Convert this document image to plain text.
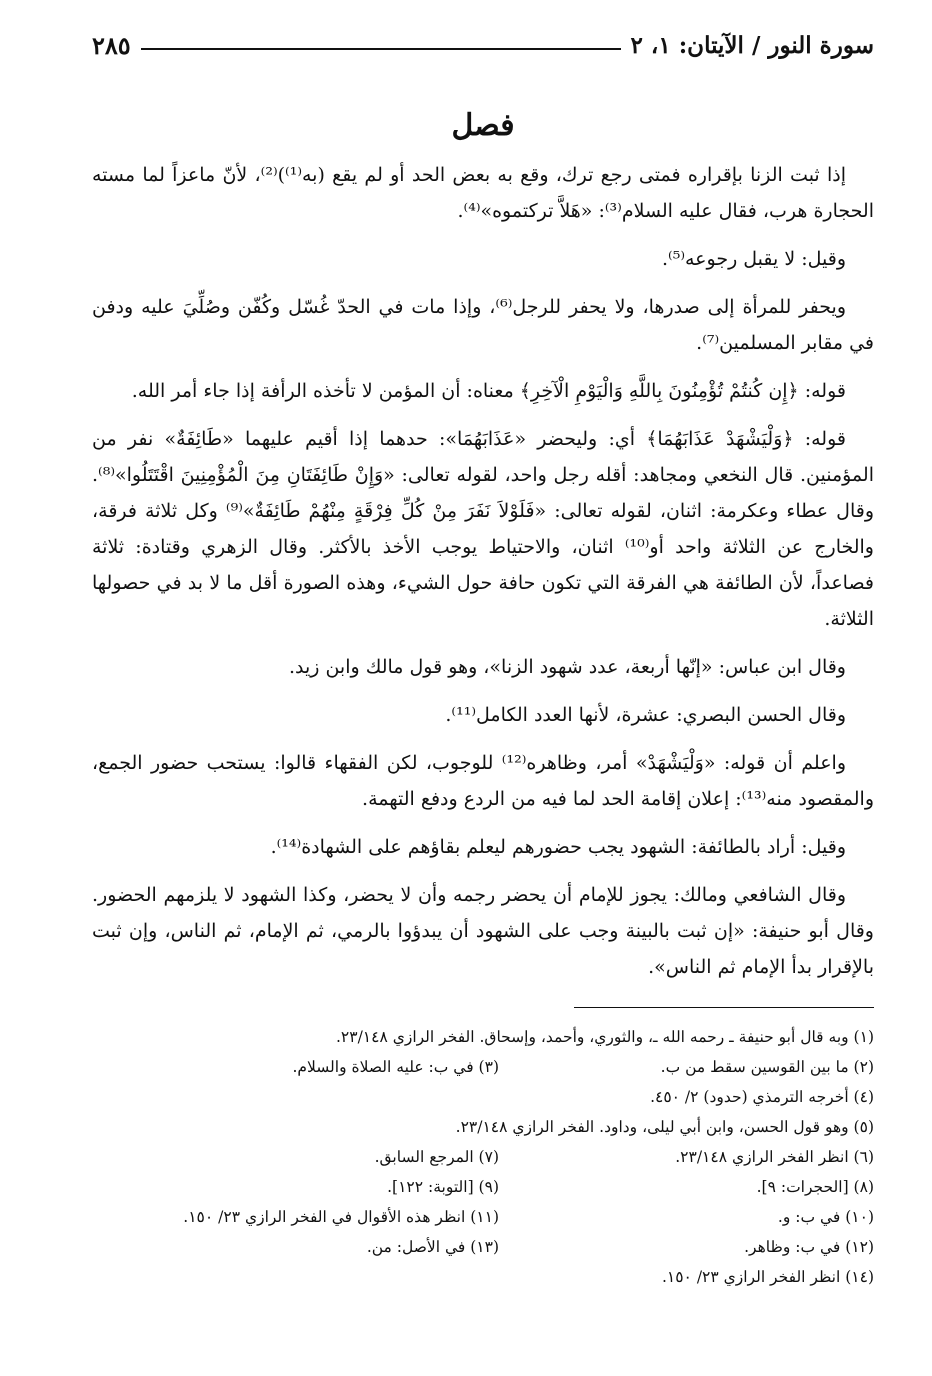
سورة النور / الآيتان: ١، ٢
٢٨٥
فصل

إذا ثبت الزنا بإقراره فمتى رجع ترك، وقع به بعض الحد أو لم يقع (به⁽¹⁾)⁽²⁾، لأنّ ماعزاً لما مسته الحجارة هرب، فقال عليه السلام⁽³⁾: «هَلاَّ تركتموه»⁽⁴⁾.

وقيل: لا يقبل رجوعه⁽⁵⁾.

ويحفر للمرأة إلى صدرها، ولا يحفر للرجل⁽⁶⁾، وإذا مات في الحدّ غُسّل وكُفّن وصُلِّيَ عليه ودفن في مقابر المسلمين⁽⁷⁾.

قوله: ﴿إِن كُنتُمْ تُؤْمِنُونَ بِاللَّهِ وَالْيَوْمِ الْآخِرِ﴾ معناه: أن المؤمن لا تأخذه الرأفة إذا جاء أمر الله.

قوله: ﴿وَلْيَشْهَدْ عَذَابَهُمَا﴾ أي: وليحضر «عَذَابَهُمَا»: حدهما إذا أقيم عليهما «طَائِفَةٌ» نفر من المؤمنين. قال النخعي ومجاهد: أقله رجل واحد، لقوله تعالى: «وَإِنْ طَائِفَتَانِ مِنَ الْمُؤْمِنِينَ اقْتَتَلُوا»⁽⁸⁾. وقال عطاء وعكرمة: اثنان، لقوله تعالى: «فَلَوْلاَ نَفَرَ مِنْ كُلِّ فِرْقَةٍ مِنْهُمْ طَائِفَةٌ»⁽⁹⁾ وكل ثلاثة فرقة، والخارج عن الثلاثة واحد أو⁽¹⁰⁾ اثنان، والاحتياط يوجب الأخذ بالأكثر. وقال الزهري وقتادة: ثلاثة فصاعداً، لأن الطائفة هي الفرقة التي تكون حافة حول الشيء، وهذه الصورة أقل ما لا بد في حصولها الثلاثة.

وقال ابن عباس: «إنّها أربعة، عدد شهود الزنا»، وهو قول مالك وابن زيد.

وقال الحسن البصري: عشرة، لأنها العدد الكامل⁽¹¹⁾.

واعلم أن قوله: «وَلْيَشْهَدْ» أمر، وظاهره⁽¹²⁾ للوجوب، لكن الفقهاء قالوا: يستحب حضور الجمع، والمقصود منه⁽¹³⁾: إعلان إقامة الحد لما فيه من الردع ودفع التهمة.

وقيل: أراد بالطائفة: الشهود يجب حضورهم ليعلم بقاؤهم على الشهادة⁽¹⁴⁾.

وقال الشافعي ومالك: يجوز للإمام أن يحضر رجمه وأن لا يحضر، وكذا الشهود لا يلزمهم الحضور. وقال أبو حنيفة: «إن ثبت بالبينة وجب على الشهود أن يبدؤوا بالرمي، ثم الإمام، ثم الناس، وإن ثبت بالإقرار بدأ الإمام ثم الناس».

(١) وبه قال أبو حنيفة ـ رحمه الله ـ، والثوري، وأحمد، وإسحاق. الفخر الرازي ٢٣/١٤٨.
(٢) ما بين القوسين سقط من ب.
(٣) في ب: عليه الصلاة والسلام.
(٤) أخرجه الترمذي (حدود) ٢/ ٤٥٠.
(٥) وهو قول الحسن، وابن أبي ليلى، وداود. الفخر الرازي ٢٣/١٤٨.
(٦) انظر الفخر الرازي ٢٣/١٤٨.
(٧) المرجع السابق.
(٨) [الحجرات: ٩].
(٩) [التوبة: ١٢٢].
(١٠) في ب: و.
(١١) انظر هذه الأقوال في الفخر الرازي ٢٣/ ١٥٠.
(١٢) في ب: وظاهر.
(١٣) في الأصل: من.
(١٤) انظر الفخر الرازي ٢٣/ ١٥٠.
